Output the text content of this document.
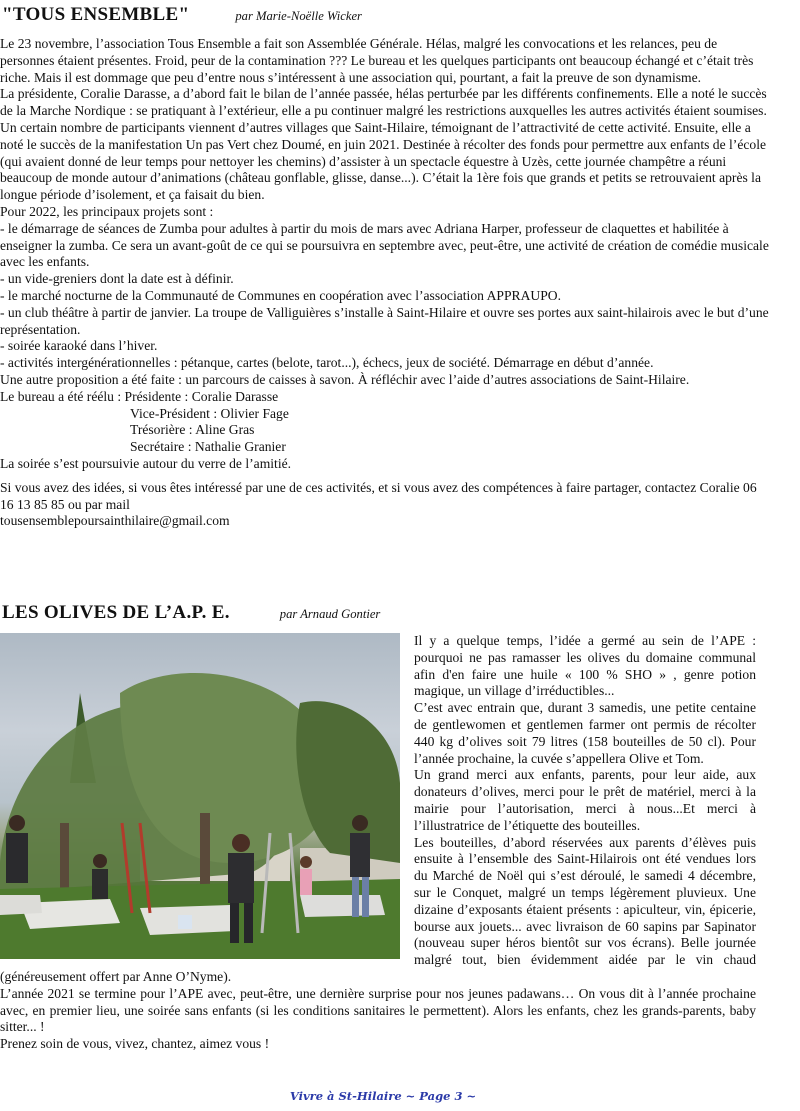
"TOUS ENSEMBLE"	par Marie-Noëlle Wicker

Le 23 novembre, l’association Tous Ensemble a fait son Assemblée Générale. Hélas, malgré les convocations et les relances, peu de personnes étaient présentes. Froid, peur de la contamination ??? Le bureau et les quelques participants ont beaucoup échangé et c’était très riche. Mais il est dommage que peu d’entre nous s’intéressent à une association qui, pourtant, a fait la preuve de son dynamisme.

La présidente, Coralie Darasse, a d’abord fait le bilan de l’année passée, hélas perturbée par les différents confinements. Elle a noté le succès de la Marche Nordique : se pratiquant à l’extérieur, elle a pu continuer malgré les restrictions auxquelles les autres activités étaient soumises. Un certain nombre de participants viennent d’autres villages que Saint-Hilaire, témoignant de l’attractivité de cette activité. Ensuite, elle a noté le succès de la manifestation Un pas Vert chez Doumé, en juin 2021. Destinée à récolter des fonds pour permettre aux enfants de l’école (qui avaient donné de leur temps pour nettoyer les chemins) d’assister à un spectacle équestre à Uzès, cette journée champêtre a réuni beaucoup de monde autour d’animations (château gonflable, glisse, danse...). C’était la 1ère fois que grands et petits se retrouvaient après la longue période d’isolement, et ça faisait du bien.

Pour 2022, les principaux projets sont :

- le démarrage de séances de Zumba pour adultes à partir du mois de mars avec Adriana Harper, professeur de claquettes et habilitée à enseigner la zumba. Ce sera un avant-goût de ce qui se poursuivra en septembre avec, peut-être, une activité de création de comédie musicale avec les enfants.

- un vide-greniers dont la date est à définir.

- le marché nocturne de la Communauté de Communes en coopération avec l’association APPRAUPO.

- un club théâtre à partir de janvier. La troupe de Valliguières s’installe à Saint-Hilaire et ouvre ses portes aux saint-hilairois avec le but d’une représentation.

- soirée karaoké dans l’hiver.

- activités intergénérationnelles : pétanque, cartes (belote, tarot...), échecs, jeux de société. Démarrage en début d’année.

Une autre proposition a été faite : un parcours de caisses à savon. À réfléchir avec l’aide d’autres associations de Saint-Hilaire.

Le bureau a été réélu : Présidente : Coralie Darasse

Vice-Président : Olivier Fage

Trésorière : Aline Gras

Secrétaire : Nathalie Granier

La soirée s’est poursuivie autour du verre de l’amitié.

Si vous avez des idées, si vous êtes intéressé par une de ces activités, et si vous avez des compétences à faire partager, contactez Coralie 06 16 13 85 85 ou par mail

tousensemblepoursainthilaire@gmail.com

LES OLIVES DE L’A.P. E.	par Arnaud Gontier

Il y a quelque temps, l’idée a germé au sein de l’APE : pourquoi ne pas ramasser les olives du domaine communal afin d'en faire une huile « 100 % SHO » , genre potion magique, un village d’irréductibles...

C’est avec entrain que, durant 3 samedis, une petite centaine de gentlewomen et gentlemen farmer ont permis de récolter 440 kg d’olives soit 79 litres (158 bouteilles de 50 cl). Pour l’année prochaine, la cuvée s’appellera Olive et Tom.

Un grand merci aux enfants, parents, pour leur aide, aux donateurs d’olives, merci pour le prêt de matériel, merci à la mairie pour l’autorisation, merci à nous...Et merci à l’illustratrice de l’étiquette des bouteilles.

Les bouteilles, d’abord réservées aux parents d’élèves puis ensuite à l’ensemble des Saint-Hilairois ont été vendues lors du Marché de Noël qui s’est déroulé, le samedi 4 décembre, sur le Conquet, malgré un temps légèrement pluvieux. Une dizaine d’exposants étaient présents : apiculteur, vin, épicerie, bourse aux jouets... avec livraison de 60 sapins par Sapinator (nouveau super héros bientôt sur vos écrans). Belle journée malgré tout, bien évidemment aidée par le vin chaud (généreusement offert par Anne O’Nyme).

L’année 2021 se termine pour l’APE avec, peut-être, une dernière surprise pour nos jeunes padawans… On vous dit à l’année prochaine avec, en premier lieu, une soirée sans enfants (si les conditions sanitaires le permettent). Alors les enfants, chez les grands-parents, baby sitter... !

Prenez soin de vous, vivez, chantez, aimez vous !

Vivre à St-Hilaire ~ Page 3 ~
